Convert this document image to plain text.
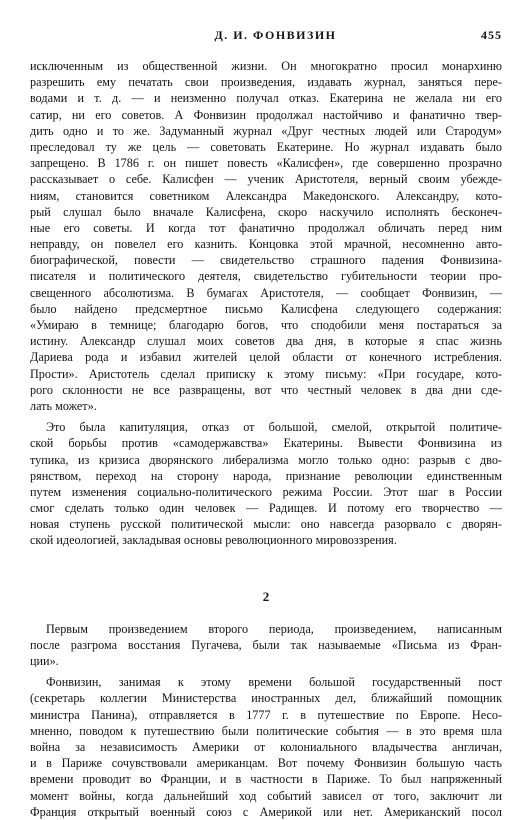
Д. И. ФОНВИЗИН	455
исключенным из общественной жизни. Он многократно просил монархиню
разрешить ему печатать свои произведения, издавать журнал, заняться пере-
водами и т. д. — и неизменно получал отказ. Екатерина не желала ни его
сатир, ни его советов. А Фонвизин продолжал настойчиво и фанатично твер-
дить одно и то же. Задуманный журнал «Друг честных людей или Стародум»
преследовал ту же цель — советовать Екатерине. Но журнал издавать было
запрещено. В 1786 г. он пишет повесть «Калисфен», где совершенно прозрачно
рассказывает о себе. Калисфен — ученик Аристотеля, верный своим убежде-
ниям, становится советником Александра Македонского. Александру, кото-
рый слушал было вначале Калисфена, скоро наскучило исполнять бесконеч-
ные его советы. И когда тот фанатично продолжал обличать перед ним
неправду, он повелел его казнить. Концовка этой мрачной, несомненно авто-
биографической, повести — свидетельство страшного падения Фонвизина-
писателя и политического деятеля, свидетельство губительности теории про-
свещенного абсолютизма. В бумагах Аристотеля, — сообщает Фонвизин, —
было найдено предсмертное письмо Калисфена следующего содержания:
«Умираю в темнице; благодарю богов, что сподобили меня постараться за
истину. Александр слушал моих советов два дня, в которые я спас жизнь
Дариева рода и избавил жителей целой области от конечного истребления.
Прости». Аристотель сделал приписку к этому письму: «При государе, кото-
рого склонности не все развращены, вот что честный человек в два дни сде-
лать может».
Это была капитуляция, отказ от большой, смелой, открытой политиче-
ской борьбы против «самодержавства» Екатерины. Вывести Фонвизина из
тупика, из кризиса дворянского либерализма могло только одно: разрыв с дво-
рянством, переход на сторону народа, признание революции единственным
путем изменения социально-политического режима России. Этот шаг в России
смог сделать только один человек — Радищев. И потому его творчество —
новая ступень русской политической мысли: оно навсегда разорвало с дворян-
ской идеологией, закладывая основы революционного мировоззрения.
2
Первым произведением второго периода, произведением, написанным
после разгрома восстания Пугачева, были так называемые «Письма из Фран-
ции».
Фонвизин, занимая к этому времени большой государственный пост
(секретарь коллегии Министерства иностранных дел, ближайший помощник
министра Панина), отправляется в 1777 г. в путешествие по Европе. Несо-
мненно, поводом к путешествию были политические события — в это время шла
война за независимость Америки от колониального владычества англичан,
и в Париже сочувствовали американцам. Вот почему Фонвизин большую часть
времени проводит во Франции, и в частности в Париже. То был напряженный
момент войны, когда дальнейший ход событий зависел от того, заключит ли
Франция открытый военный союз с Америкой или нет. Американский посол
